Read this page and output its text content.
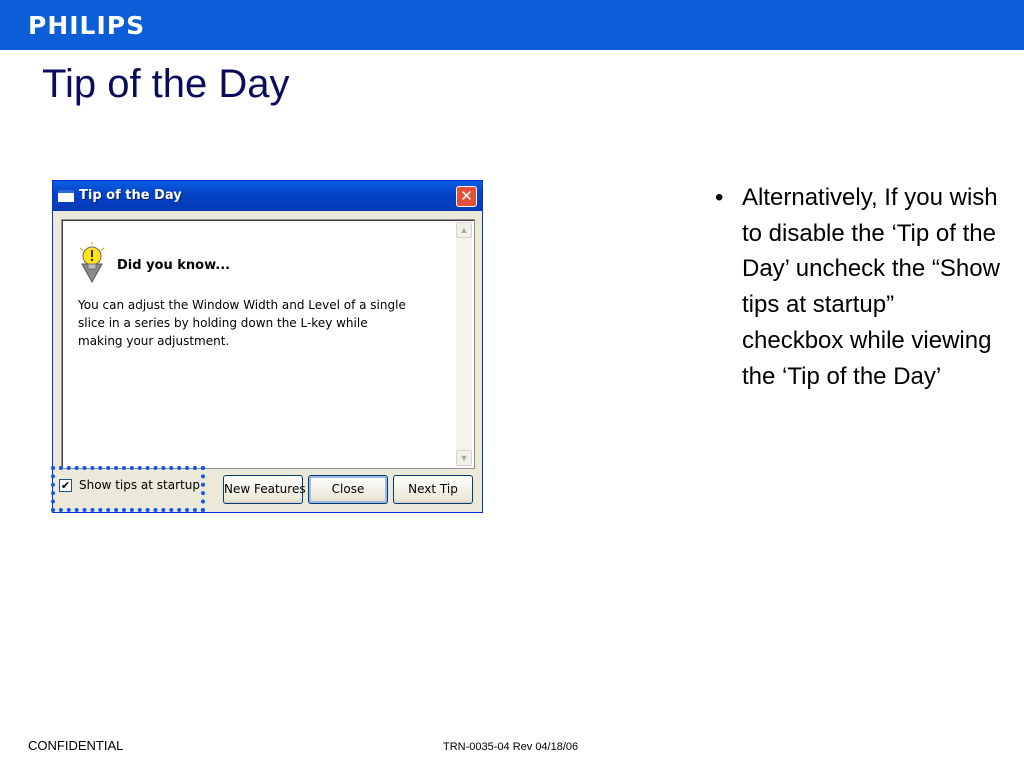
PHILIPS
Tip of the Day
Tip of the Day	✕
Did you know...
You can adjust the Window Width and Level of a single slice in a series by holding down the L-key while making your adjustment.
▲
▼
✔ Show tips at startup New Features	Close	Next Tip
• Alternatively, If you wish to disable the ‘Tip of the Day’ uncheck the “Show tips at startup” checkbox while viewing the ‘Tip of the Day’
CONFIDENTIAL	TRN-0035-04 Rev 04/18/06
